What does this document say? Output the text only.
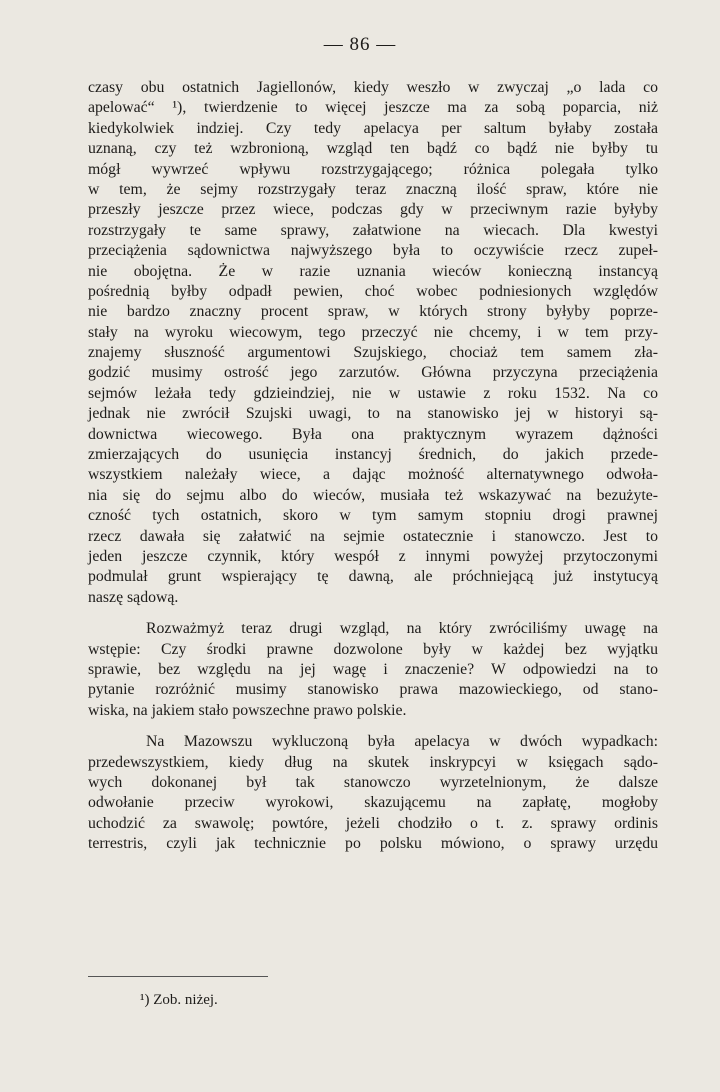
— 86 —
czasy obu ostatnich Jagiellonów, kiedy weszło w zwyczaj „o lada co
apelować“ ¹), twierdzenie to więcej jeszcze ma za sobą poparcia, niż
kiedykolwiek indziej. Czy tedy apelacya per saltum byłaby została
uznaną, czy też wzbronioną, wzgląd ten bądź co bądź nie byłby tu
mógł wywrzeć wpływu rozstrzygającego; różnica polegała tylko
w tem, że sejmy rozstrzygały teraz znaczną ilość spraw, które nie
przeszły jeszcze przez wiece, podczas gdy w przeciwnym razie byłyby
rozstrzygały te same sprawy, załatwione na wiecach. Dla kwestyi
przeciążenia sądownictwa najwyższego była to oczywiście rzecz zupeł-
nie obojętna. Że w razie uznania wieców konieczną instancyą
pośrednią byłby odpadł pewien, choć wobec podniesionych względów
nie bardzo znaczny procent spraw, w których strony byłyby poprze-
stały na wyroku wiecowym, tego przeczyć nie chcemy, i w tem przy-
znajemy słuszność argumentowi Szujskiego, chociaż tem samem zła-
godzić musimy ostrość jego zarzutów. Główna przyczyna przeciążenia
sejmów leżała tedy gdzieindziej, nie w ustawie z roku 1532. Na co
jednak nie zwrócił Szujski uwagi, to na stanowisko jej w historyi są-
downictwa wiecowego. Była ona praktycznym wyrazem dążności
zmierzających do usunięcia instancyj średnich, do jakich przede-
wszystkiem należały wiece, a dając możność alternatywnego odwoła-
nia się do sejmu albo do wieców, musiała też wskazywać na bezużyte-
czność tych ostatnich, skoro w tym samym stopniu drogi prawnej
rzecz dawała się załatwić na sejmie ostatecznie i stanowczo. Jest to
jeden jeszcze czynnik, który wespół z innymi powyżej przytoczonymi
podmulał grunt wspierający tę dawną, ale próchniejącą już instytucyą
naszę sądową.
Rozważmyż teraz drugi wzgląd, na który zwróciliśmy uwagę na
wstępie: Czy środki prawne dozwolone były w każdej bez wyjątku
sprawie, bez względu na jej wagę i znaczenie? W odpowiedzi na to
pytanie rozróżnić musimy stanowisko prawa mazowieckiego, od stano-
wiska, na jakiem stało powszechne prawo polskie.
Na Mazowszu wykluczoną była apelacya w dwóch wypadkach:
przedewszystkiem, kiedy dług na skutek inskrypcyi w księgach sądo-
wych dokonanej był tak stanowczo wyrzetelnionym, że dalsze
odwołanie przeciw wyrokowi, skazującemu na zapłatę, mogłoby
uchodzić za swawolę; powtóre, jeżeli chodziło o t. z. sprawy ordinis
terrestris, czyli jak technicznie po polsku mówiono, o sprawy urzędu
¹) Zob. niżej.
